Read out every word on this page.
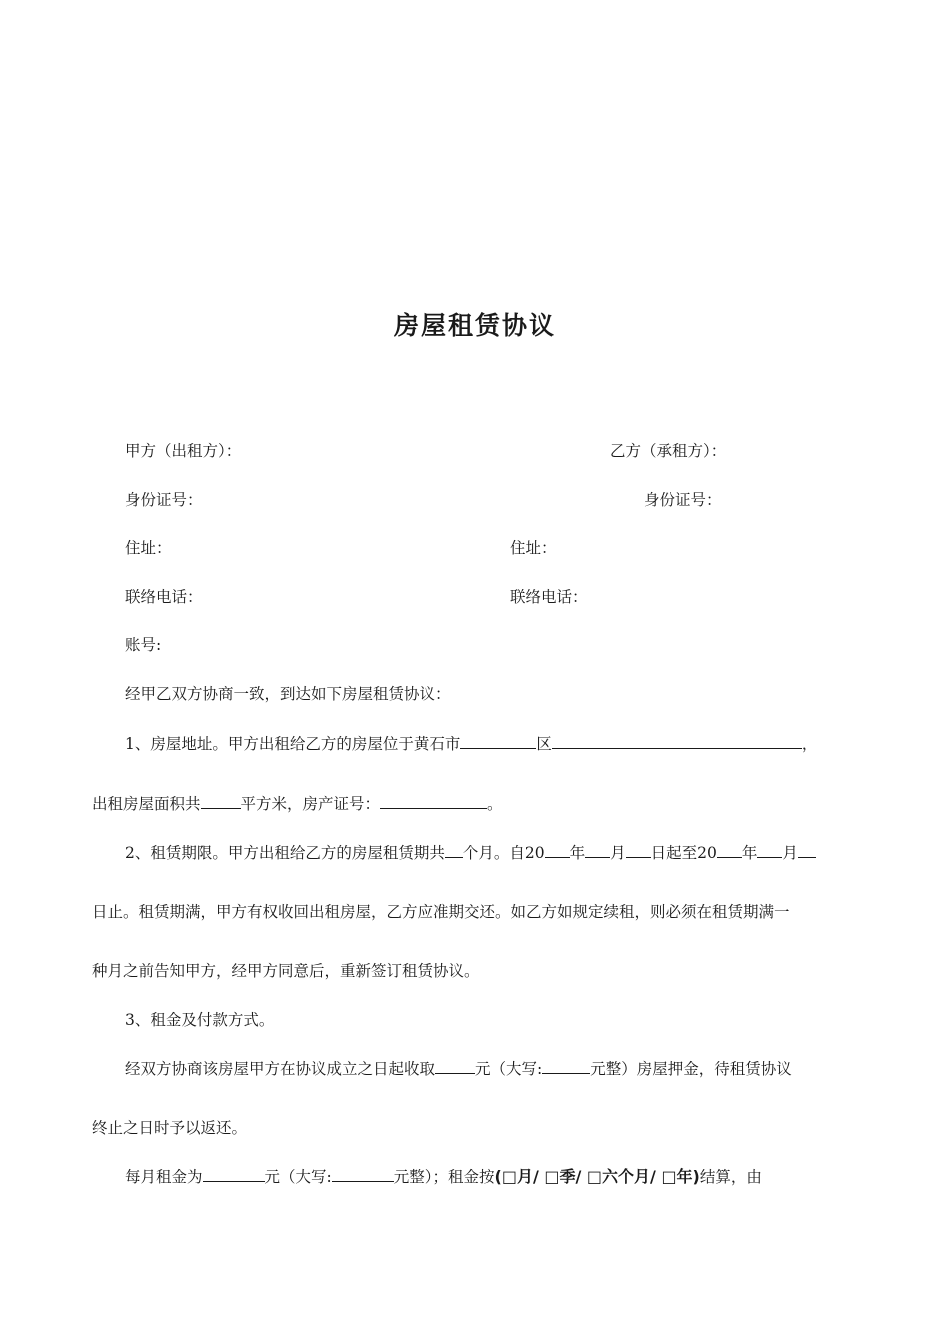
房屋租赁协议
甲方（出租方）：	乙方（承租方）：
身份证号：	身份证号：
住址：	住址：
联络电话：	联络电话：
账号:
经甲乙双方协商一致，到达如下房屋租赁协议：
1、房屋地址。甲方出租给乙方的房屋位于黄石市	区	，
出租房屋面积共	平方米，房产证号：	。
2、租赁期限。甲方出租给乙方的房屋租赁期共 个月。自20 年 月 日起至20 年 月
日止。租赁期满，甲方有权收回出租房屋，乙方应准期交还。如乙方如规定续租，则必须在租赁期满一
种月之前告知甲方，经甲方同意后，重新签订租赁协议。
3、租金及付款方式。
经双方协商该房屋甲方在协议成立之日起收取	元（大写:	元整）房屋押金，待租赁协议
终止之日时予以返还。
每月租金为	元（大写:	元整）；租金按(□月/ □季/ □六个月/ □年)结算，由
